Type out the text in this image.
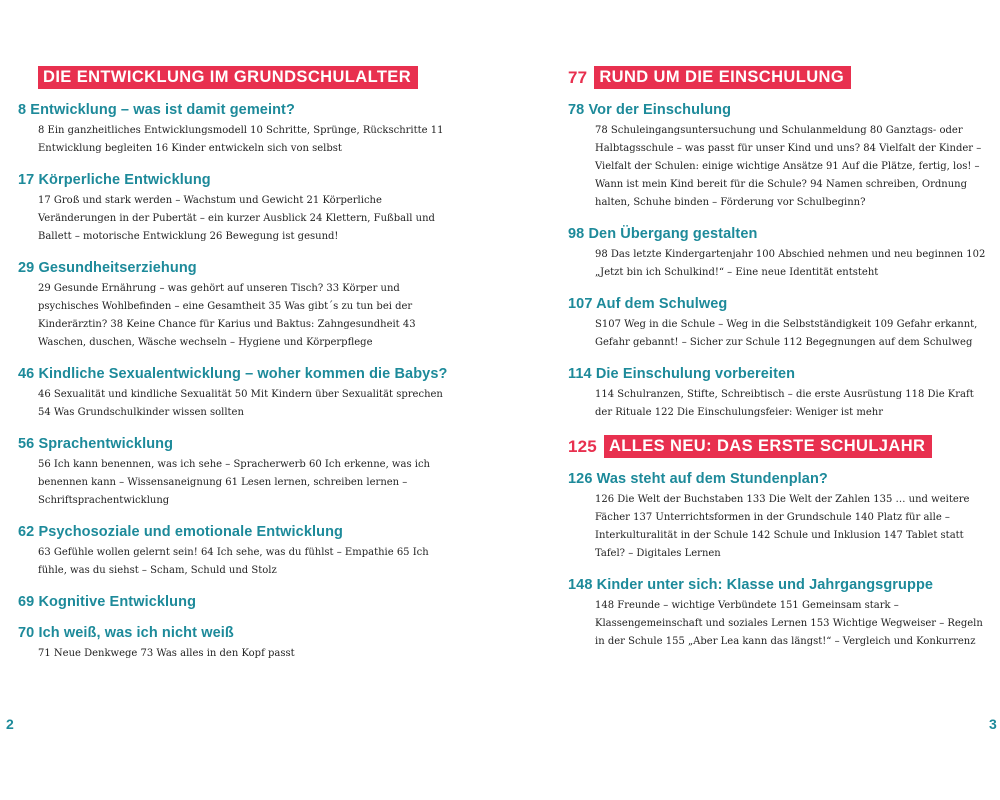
DIE ENTWICKLUNG IM GRUNDSCHULALTER
8 Entwicklung – was ist damit gemeint?
8 Ein ganzheitliches Entwicklungsmodell 10 Schritte, Sprünge, Rückschritte 11 Entwicklung begleiten 16 Kinder entwickeln sich von selbst
17 Körperliche Entwicklung
17 Groß und stark werden – Wachstum und Gewicht 21 Körperliche Veränderungen in der Pubertät – ein kurzer Ausblick 24 Klettern, Fußball und Ballett – motorische Entwicklung 26 Bewegung ist gesund!
29 Gesundheitserziehung
29 Gesunde Ernährung – was gehört auf unseren Tisch? 33 Körper und psychisches Wohlbefinden – eine Gesamtheit 35 Was gibt´s zu tun bei der Kinderärztin? 38 Keine Chance für Karius und Baktus: Zahngesundheit 43 Waschen, duschen, Wäsche wechseln – Hygiene und Körperpflege
46 Kindliche Sexualentwicklung – woher kommen die Babys?
46 Sexualität und kindliche Sexualität 50 Mit Kindern über Sexualität sprechen 54 Was Grundschulkinder wissen sollten
56 Sprachentwicklung
56 Ich kann benennen, was ich sehe – Spracherwerb 60 Ich erkenne, was ich benennen kann – Wissensaneignung 61 Lesen lernen, schreiben lernen – Schriftsprachentwicklung
62 Psychosoziale und emotionale Entwicklung
63 Gefühle wollen gelernt sein! 64 Ich sehe, was du fühlst – Empathie 65 Ich fühle, was du siehst – Scham, Schuld und Stolz
69 Kognitive Entwicklung
70 Ich weiß, was ich nicht weiß
71 Neue Denkwege 73 Was alles in den Kopf passt
2
77 RUND UM DIE EINSCHULUNG
78 Vor der Einschulung
78 Schuleingangsuntersuchung und Schulanmeldung 80 Ganztags- oder Halbtagsschule – was passt für unser Kind und uns? 84 Vielfalt der Kinder – Vielfalt der Schulen: einige wichtige Ansätze 91 Auf die Plätze, fertig, los! – Wann ist mein Kind bereit für die Schule? 94 Namen schreiben, Ordnung halten, Schuhe binden – Förderung vor Schulbeginn?
98 Den Übergang gestalten
98 Das letzte Kindergartenjahr 100 Abschied nehmen und neu beginnen 102 „Jetzt bin ich Schulkind!“ – Eine neue Identität entsteht
107 Auf dem Schulweg
S107 Weg in die Schule – Weg in die Selbstständigkeit 109 Gefahr erkannt, Gefahr gebannt! – Sicher zur Schule 112 Begegnungen auf dem Schulweg
114 Die Einschulung vorbereiten
114 Schulranzen, Stifte, Schreibtisch – die erste Ausrüstung 118 Die Kraft der Rituale 122 Die Einschulungsfeier: Weniger ist mehr
125 ALLES NEU: DAS ERSTE SCHULJAHR
126 Was steht auf dem Stundenplan?
126 Die Welt der Buchstaben 133 Die Welt der Zahlen 135 … und weitere Fächer 137 Unterrichtsformen in der Grundschule 140 Platz für alle – Interkulturalität in der Schule 142 Schule und Inklusion 147 Tablet statt Tafel? – Digitales Lernen
148 Kinder unter sich: Klasse und Jahrgangsgruppe
148 Freunde – wichtige Verbündete 151 Gemeinsam stark – Klassengemeinschaft und soziales Lernen 153 Wichtige Wegweiser – Regeln in der Schule 155 „Aber Lea kann das längst!“ – Vergleich und Konkurrenz
3
